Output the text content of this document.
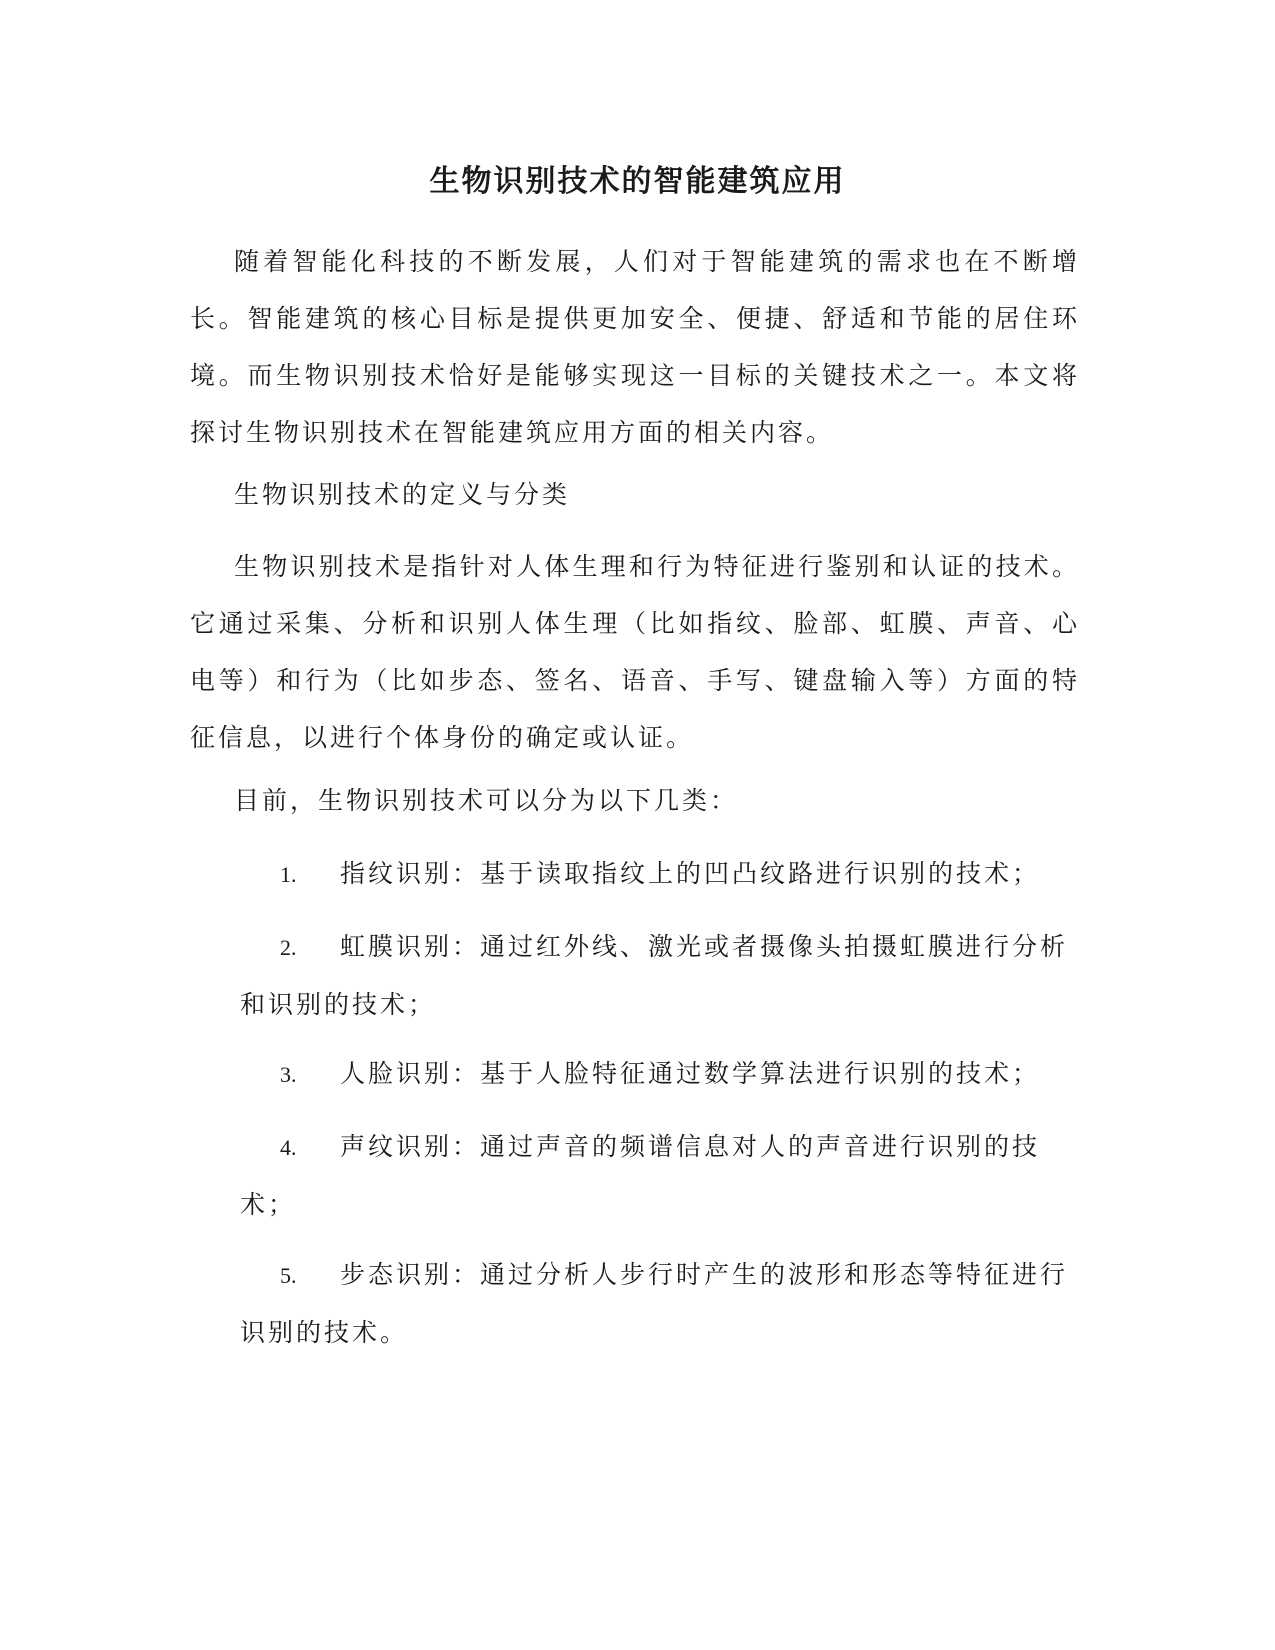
生物识别技术的智能建筑应用

随着智能化科技的不断发展，人们对于智能建筑的需求也在不断增长。智能建筑的核心目标是提供更加安全、便捷、舒适和节能的居住环境。而生物识别技术恰好是能够实现这一目标的关键技术之一。本文将探讨生物识别技术在智能建筑应用方面的相关内容。

生物识别技术的定义与分类

生物识别技术是指针对人体生理和行为特征进行鉴别和认证的技术。它通过采集、分析和识别人体生理（比如指纹、脸部、虹膜、声音、心电等）和行为（比如步态、签名、语音、手写、键盘输入等）方面的特征信息，以进行个体身份的确定或认证。

目前，生物识别技术可以分为以下几类：

1. 指纹识别：基于读取指纹上的凹凸纹路进行识别的技术；

2. 虹膜识别：通过红外线、激光或者摄像头拍摄虹膜进行分析和识别的技术；

3. 人脸识别：基于人脸特征通过数学算法进行识别的技术；

4. 声纹识别：通过声音的频谱信息对人的声音进行识别的技术；

5. 步态识别：通过分析人步行时产生的波形和形态等特征进行识别的技术。
